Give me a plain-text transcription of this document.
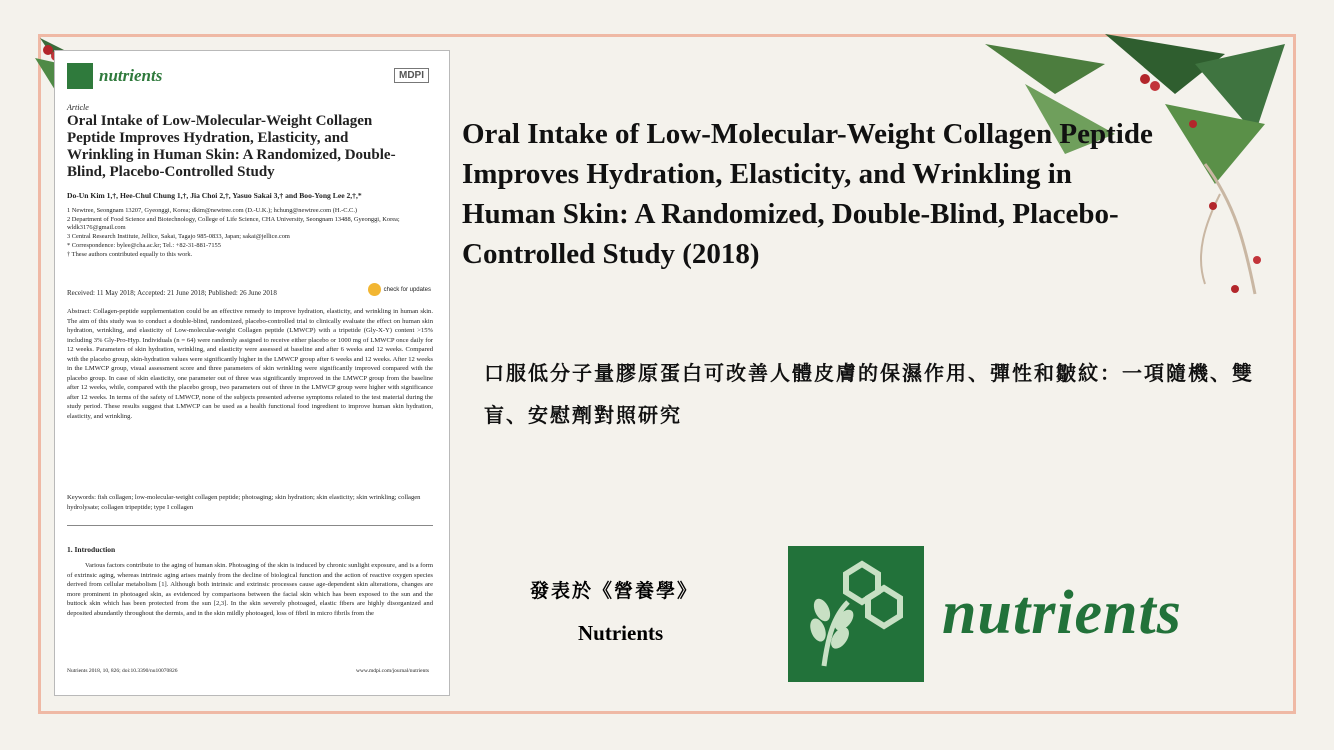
nutrients	MDPI
Article
Oral Intake of Low-Molecular-Weight Collagen Peptide Improves Hydration, Elasticity, and Wrinkling in Human Skin: A Randomized, Double-Blind, Placebo-Controlled Study
Do-Un Kim 1,†, Hee-Chul Chung 1,†, Jia Choi 2,†, Yasuo Sakai 3,† and Boo-Yong Lee 2,†,*
1 Newtree, Seongnam 13207, Gyeonggi, Korea; dkim@newtree.com (D.-U.K.); hchung@newtree.com (H.-C.C.)
2 Department of Food Science and Biotechnology, College of Life Science, CHA University, Seongnam 13488, Gyeonggi, Korea; wldk3176@gmail.com
3 Central Research Institute, Jellice, Sakai, Tagajo 985-0833, Japan; sakai@jellice.com
* Correspondence: bylee@cha.ac.kr; Tel.: +82-31-881-7155
† These authors contributed equally to this work.
Received: 11 May 2018; Accepted: 21 June 2018; Published: 26 June 2018	check for updates
Abstract: Collagen-peptide supplementation could be an effective remedy to improve hydration, elasticity, and wrinkling in human skin. The aim of this study was to conduct a double-blind, randomized, placebo-controlled trial to clinically evaluate the effect on human skin hydration, wrinkling, and elasticity of Low-molecular-weight Collagen peptide (LMWCP) with a tripetide (Gly-X-Y) content >15% including 3% Gly-Pro-Hyp. Individuals (n = 64) were randomly assigned to receive either placebo or 1000 mg of LMWCP once daily for 12 weeks. Parameters of skin hydration, wrinkling, and elasticity were assessed at baseline and after 6 weeks and 12 weeks. Compared with the placebo group, skin-hydration values were significantly higher in the LMWCP group after 6 weeks and 12 weeks. After 12 weeks in the LMWCP group, visual assessment score and three parameters of skin wrinkling were significantly improved compared with the placebo group. In case of skin elasticity, one parameter out of three was significantly improved in the LMWCP group from the baseline after 12 weeks, while, compared with the placebo group, two parameters out of three in the LMWCP group were higher with significance after 12 weeks. In terms of the safety of LMWCP, none of the subjects presented adverse symptoms related to the test material during the study period. These results suggest that LMWCP can be used as a health functional food ingredient to improve human skin hydration, elasticity, and wrinkling.
Keywords: fish collagen; low-molecular-weight collagen peptide; photoaging; skin hydration; skin elasticity; skin wrinkling; collagen hydrolysate; collagen tripeptide; type I collagen
1. Introduction
Various factors contribute to the aging of human skin. Photoaging of the skin is induced by chronic sunlight exposure, and is a form of extrinsic aging, whereas intrinsic aging arises mainly from the decline of biological function and the action of reactive oxygen species derived from cellular metabolism [1]. Although both intrinsic and extrinsic processes cause age-dependent skin alterations, changes are more prominent in photoaged skin, as evidenced by comparisons between the facial skin which has been exposed to the sun and the buttock skin which has been protected from the sun [2,3]. In the skin severely photoaged, elastic fibers are highly disorganized and deposited abundantly throughout the dermis, and in the skin mildly photoaged, loss of fibril in micro fibrils from the
Nutrients 2018, 10, 826; doi:10.3390/nu10070826	www.mdpi.com/journal/nutrients
Oral Intake of Low-Molecular-Weight Collagen Peptide Improves Hydration, Elasticity, and Wrinkling in Human Skin: A Randomized, Double-Blind, Placebo-Controlled Study (2018)
口服低分子量膠原蛋白可改善人體皮膚的保濕作用、彈性和皺紋：一項隨機、雙盲、安慰劑對照研究
發表於《營養學》
Nutrients	nutrients
